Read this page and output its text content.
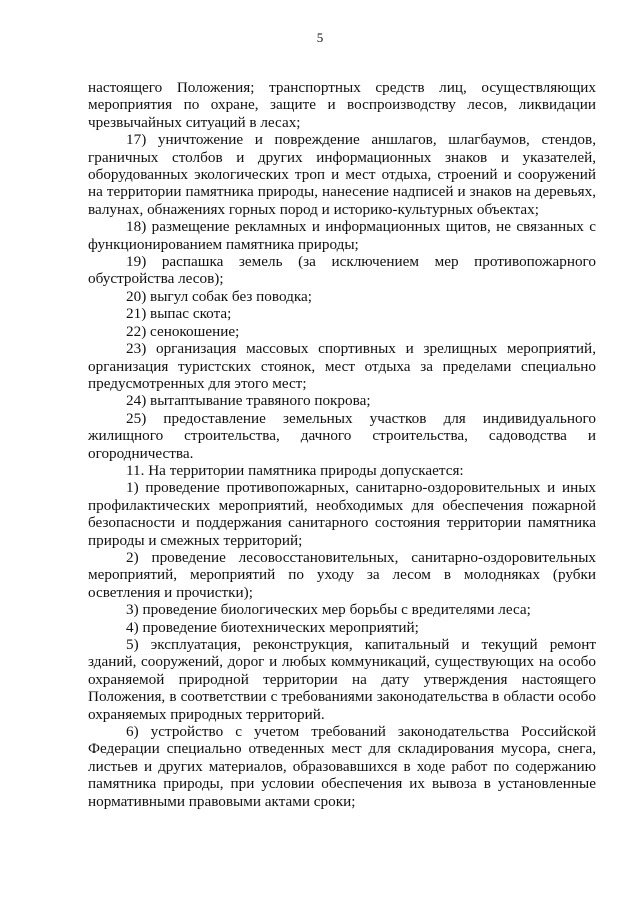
5

настоящего Положения; транспортных средств лиц, осуществляющих мероприятия по охране, защите и воспроизводству лесов, ликвидации чрезвычайных ситуаций в лесах;

17) уничтожение и повреждение аншлагов, шлагбаумов, стендов, граничных столбов и других информационных знаков и указателей, оборудованных экологических троп и мест отдыха, строений и сооружений на территории памятника природы, нанесение надписей и знаков на деревьях, валунах, обнажениях горных пород и историко-культурных объектах;

18) размещение рекламных и информационных щитов, не связанных с функционированием памятника природы;

19) распашка земель (за исключением мер противопожарного обустройства лесов);

20) выгул собак без поводка;

21) выпас скота;

22) сенокошение;

23) организация массовых спортивных и зрелищных мероприятий, организация туристских стоянок, мест отдыха за пределами специально предусмотренных для этого мест;

24) вытаптывание травяного покрова;

25) предоставление земельных участков для индивидуального жилищного строительства, дачного строительства, садоводства и огородничества.

11. На территории памятника природы допускается:

1) проведение противопожарных, санитарно-оздоровительных и иных профилактических мероприятий, необходимых для обеспечения пожарной безопасности и поддержания санитарного состояния территории памятника природы и смежных территорий;

2) проведение лесовосстановительных, санитарно-оздоровительных мероприятий, мероприятий по уходу за лесом в молодняках (рубки осветления и прочистки);

3) проведение биологических мер борьбы с вредителями леса;

4) проведение биотехнических мероприятий;

5) эксплуатация, реконструкция, капитальный и текущий ремонт зданий, сооружений, дорог и любых коммуникаций, существующих на особо охраняемой природной территории на дату утверждения настоящего Положения, в соответствии с требованиями законодательства в области особо охраняемых природных территорий.

6) устройство с учетом требований законодательства Российской Федерации специально отведенных мест для складирования мусора, снега, листьев и других материалов, образовавшихся в ходе работ по содержанию памятника природы, при условии обеспечения их вывоза в установленные нормативными правовыми актами сроки;
